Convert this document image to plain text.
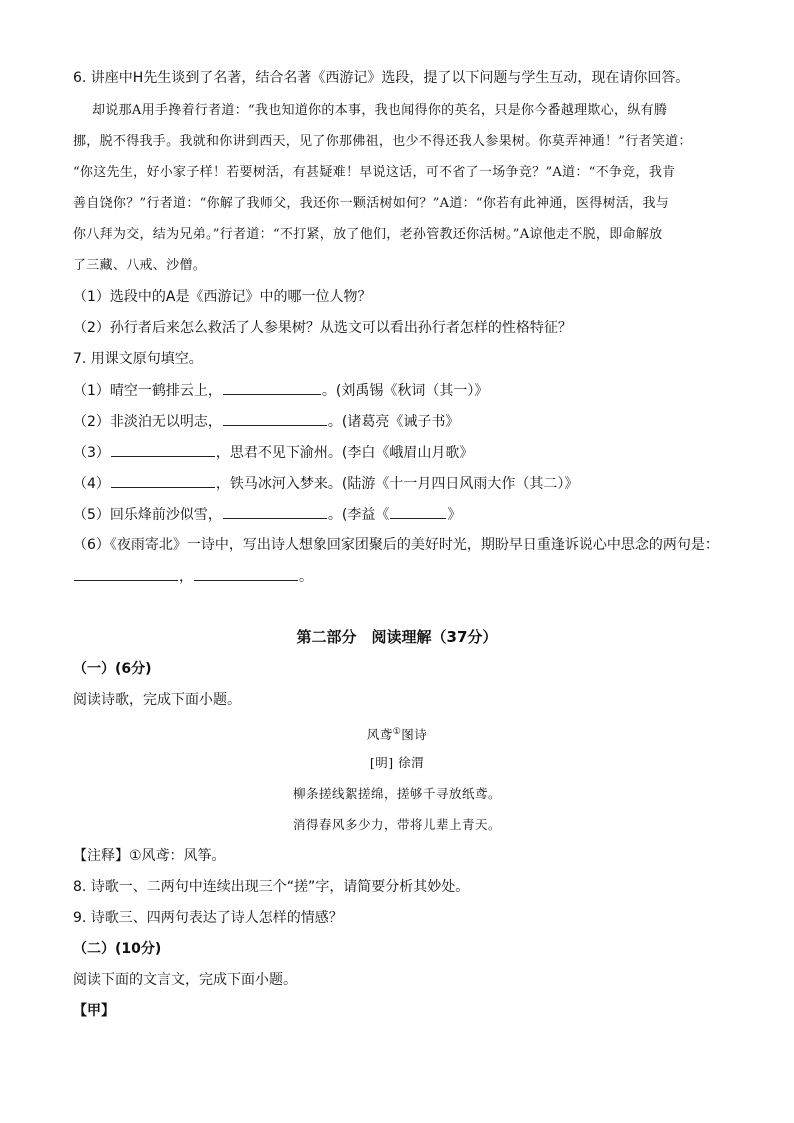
6. 讲座中H先生谈到了名著，结合名著《西游记》选段，提了以下问题与学生互动，现在请你回答。
却说那A用手搀着行者道：“我也知道你的本事，我也闻得你的英名，只是你今番越理欺心，纵有腾
挪，脱不得我手。我就和你讲到西天，见了你那佛祖，也少不得还我人参果树。你莫弄神通！”行者笑道：
“你这先生，好小家子样！若要树活，有甚疑难！早说这话，可不省了一场争竞？”A道：“不争竞，我肯
善自饶你？”行者道：“你解了我师父，我还你一颗活树如何？”A道：“你若有此神通，医得树活，我与
你八拜为交，结为兄弟。”行者道：“不打紧，放了他们，老孙管教还你活树。”A谅他走不脱，即命解放
了三藏、八戒、沙僧。
（1）选段中的A是《西游记》中的哪一位人物？
（2）孙行者后来怎么救活了人参果树？从选文可以看出孙行者怎样的性格特征？
7. 用课文原句填空。
（1）晴空一鹤排云上，	。(刘禹锡《秋词（其一）》
（2）非淡泊无以明志，	。(诸葛亮《诫子书》
（3）	，思君不见下渝州。(李白《峨眉山月歌》
（4）	，铁马冰河入梦来。(陆游《十一月四日风雨大作（其二）》
（5）回乐烽前沙似雪，	。(李益《	》
（6）《夜雨寄北》一诗中，写出诗人想象回家团聚后的美好时光，期盼早日重逢诉说心中思念的两句是：
，	。
第二部分　阅读理解（37分）
（一）(6分)
阅读诗歌，完成下面小题。
风鸢①图诗
[明] 徐渭
柳条搓线絮搓绵，搓够千寻放纸鸢。
消得春风多少力，带将儿辈上青天。
【注释】①风鸢：风筝。
8. 诗歌一、二两句中连续出现三个“搓”字，请简要分析其妙处。
9. 诗歌三、四两句表达了诗人怎样的情感？
（二）(10分)
阅读下面的文言文，完成下面小题。
【甲】
